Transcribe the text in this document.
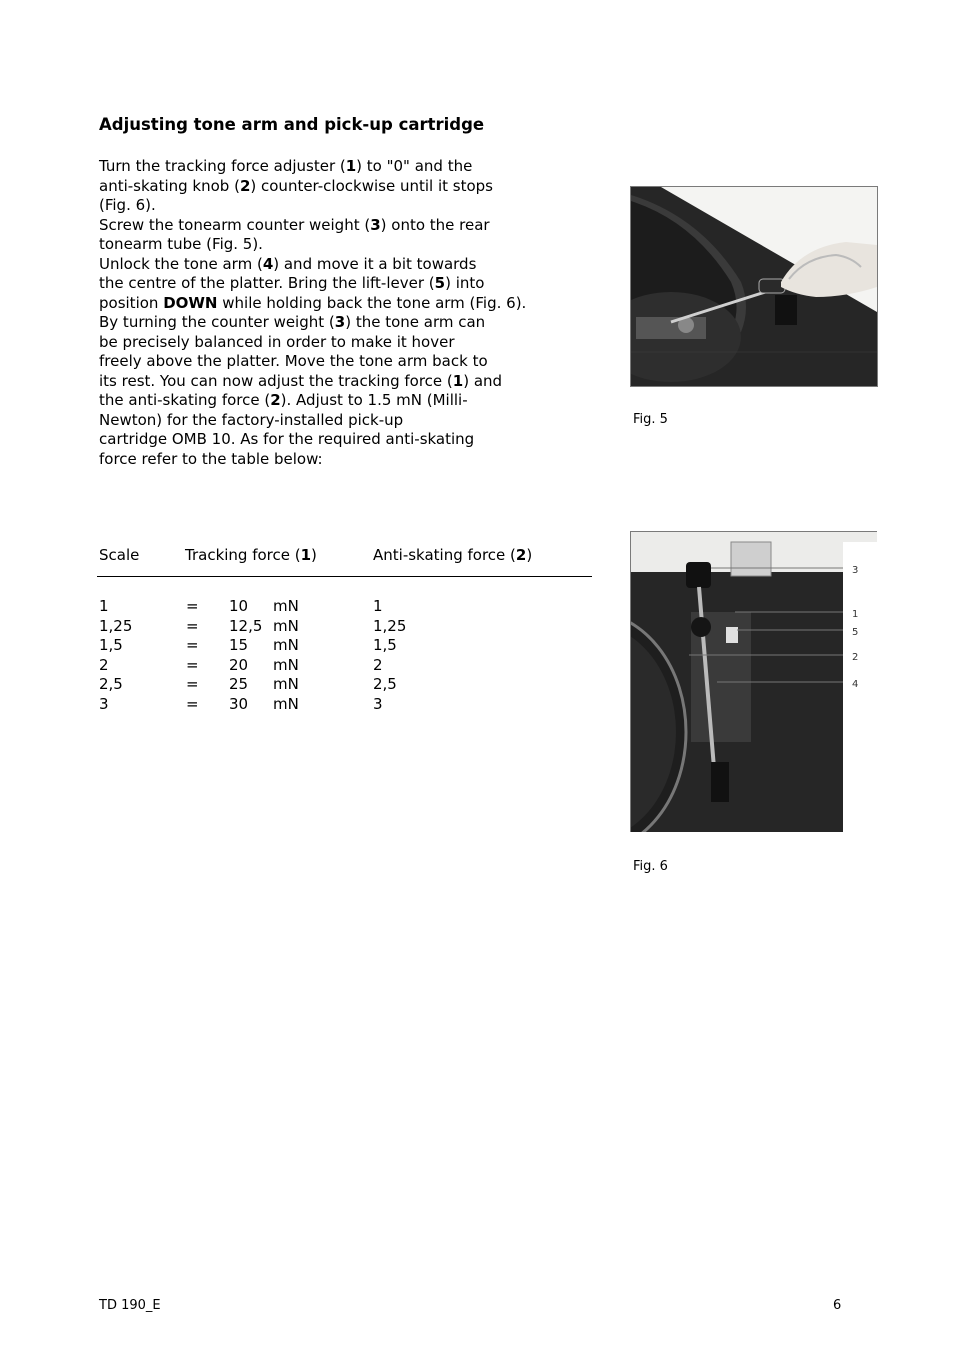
Adjusting tone arm and pick-up cartridge
Turn the tracking force adjuster (1) to "0" and the
anti-skating knob (2) counter-clockwise until it stops
(Fig. 6).
Screw the tonearm counter weight (3) onto the rear
tonearm tube (Fig. 5).
Unlock the tone arm (4) and move it a bit towards
the centre of the platter. Bring the lift-lever (5) into
position DOWN while holding back the tone arm (Fig. 6).
By turning the counter weight (3) the tone arm can
be precisely balanced in order to make it hover
freely above the platter. Move the tone arm back to
its rest. You can now adjust the tracking force (1) and
the anti-skating force (2). Adjust to 1.5 mN (Milli-
Newton) for the factory-installed pick-up
cartridge OMB 10. As for the required anti-skating
force refer to the table below:
Fig. 5
3
1
5
2
4
Fig. 6
Scale	Tracking force (1)	Anti-skating force (2)
1	= 10 mN	1
1,25	= 12,5 mN	1,25
1,5	= 15 mN	1,5
2	= 20 mN	2
2,5	= 25 mN	2,5
3	= 30 mN	3
TD 190_E	6
